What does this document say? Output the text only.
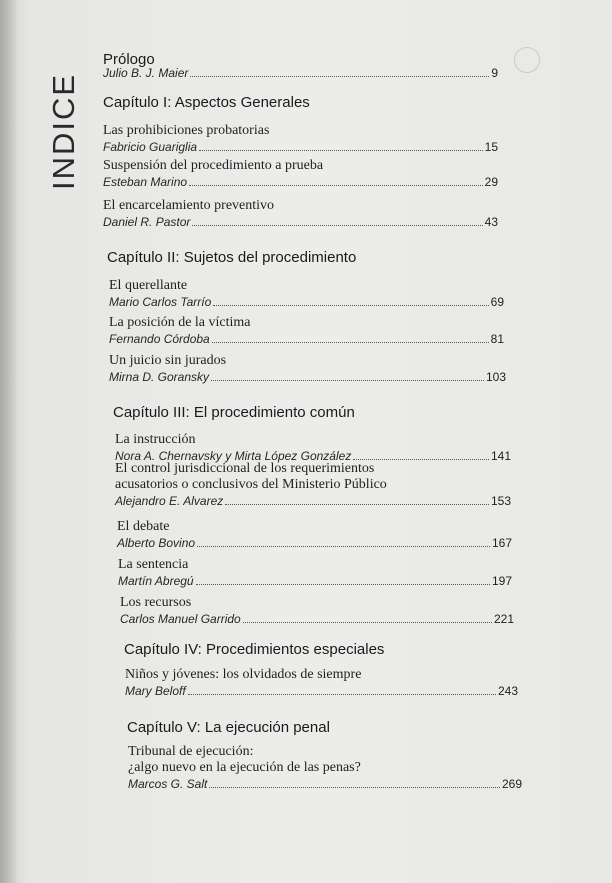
INDICE
Prólogo
Julio B. J. Maier	9
Capítulo I: Aspectos Generales
Las prohibiciones probatorias
Fabricio Guariglia	15
Suspensión del procedimiento a prueba
Esteban Marino	29
El encarcelamiento preventivo
Daniel R. Pastor	43
Capítulo II: Sujetos del procedimiento
El querellante
Mario Carlos Tarrío	69
La posición de la víctima
Fernando Córdoba	81
Un juicio sin jurados
Mirna D. Goransky	103
Capítulo III: El procedimiento común
La instrucción
Nora A. Chernavsky y Mirta López González	141
El control jurisdiccional de los requerimientos
acusatorios o conclusivos del Ministerio Público
Alejandro E. Alvarez	153
El debate
Alberto Bovino	167
La sentencia
Martín Abregú	197
Los recursos
Carlos Manuel Garrido	221
Capítulo IV: Procedimientos especiales
Niños y jóvenes: los olvidados de siempre
Mary Beloff	243
Capítulo V: La ejecución penal
Tribunal de ejecución:
¿algo nuevo en la ejecución de las penas?
Marcos G. Salt	269
